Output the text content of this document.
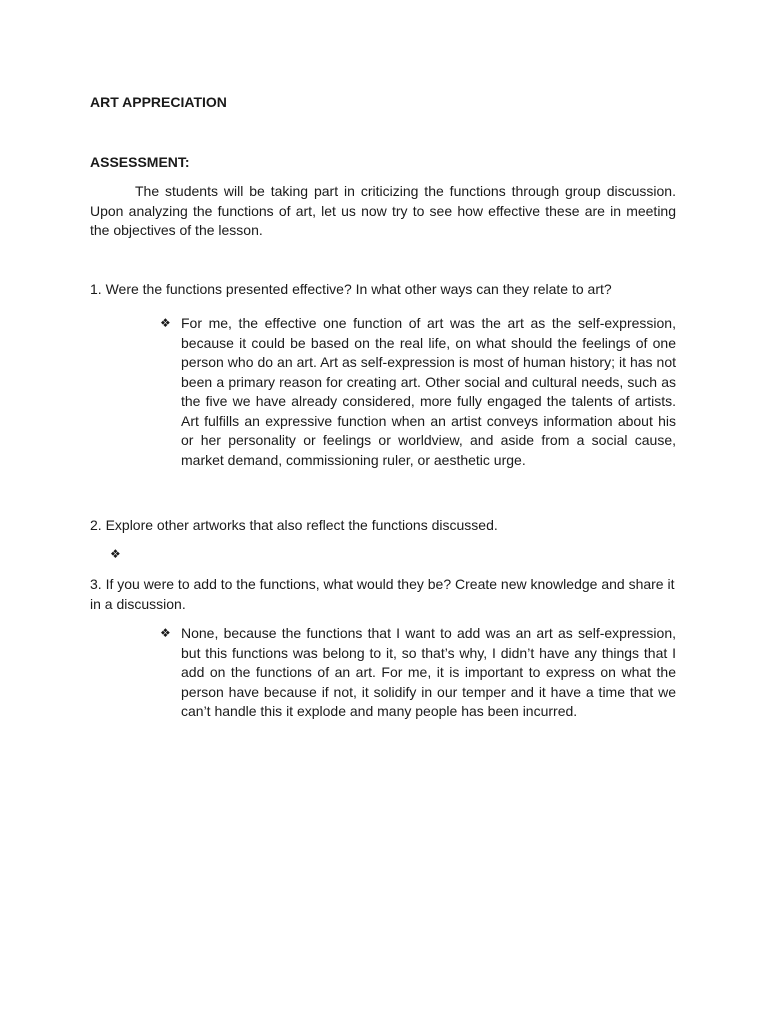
ART APPRECIATION
ASSESSMENT:

The students will be taking part in criticizing the functions through group discussion. Upon analyzing the functions of art, let us now try to see how effective these are in meeting the objectives of the lesson.

1. Were the functions presented effective? In what other ways can they relate to art?

❖ For me, the effective one function of art was the art as the self-expression, because it could be based on the real life, on what should the feelings of one person who do an art. Art as self-expression is most of human history; it has not been a primary reason for creating art. Other social and cultural needs, such as the five we have already considered, more fully engaged the talents of artists. Art fulfills an expressive function when an artist conveys information about his or her personality or feelings or worldview, and aside from a social cause, market demand, commissioning ruler, or aesthetic urge.

2. Explore other artworks that also reflect the functions discussed.

❖

3. If you were to add to the functions, what would they be? Create new knowledge and share it in a discussion.

❖ None, because the functions that I want to add was an art as self-expression, but this functions was belong to it, so that’s why, I didn’t have any things that I add on the functions of an art. For me, it is important to express on what the person have because if not, it solidify in our temper and it have a time that we can’t handle this it explode and many people has been incurred.
